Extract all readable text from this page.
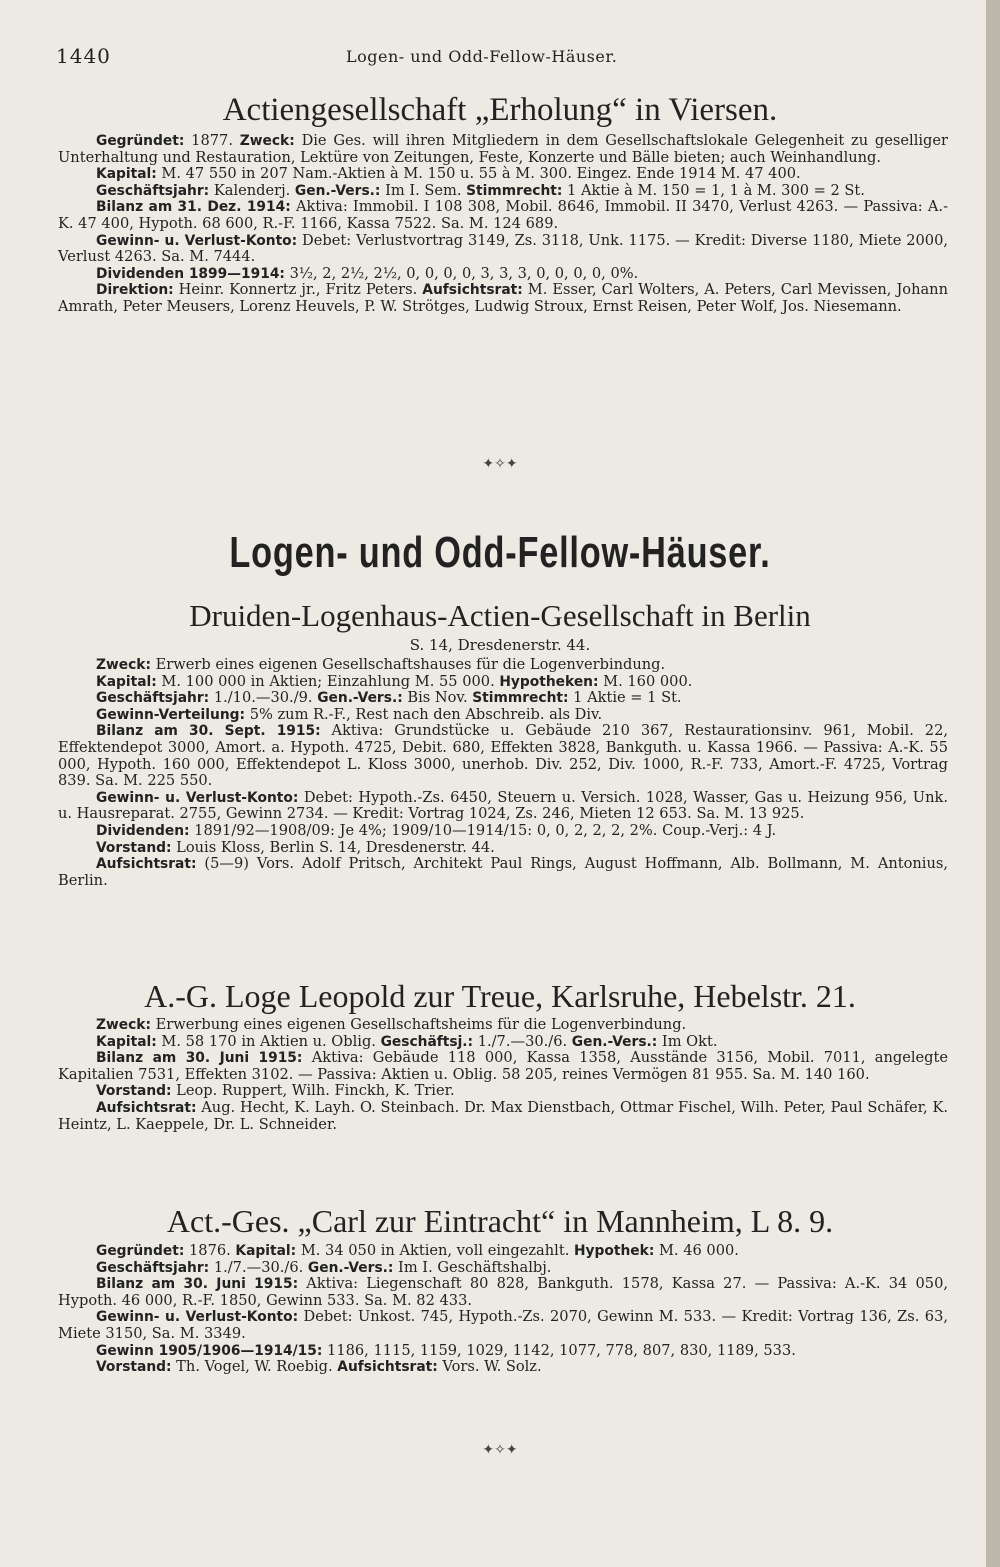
1440	Logen- und Odd-Fellow-Häuser.
Actiengesellschaft „Erholung“ in Viersen.

Gegründet: 1877. Zweck: Die Ges. will ihren Mitgliedern in dem Gesellschaftslokale Gelegenheit zu geselliger Unterhaltung und Restauration, Lektüre von Zeitungen, Feste, Konzerte und Bälle bieten; auch Weinhandlung.

Kapital: M. 47 550 in 207 Nam.-Aktien à M. 150 u. 55 à M. 300. Eingez. Ende 1914 M. 47 400.

Geschäftsjahr: Kalenderj. Gen.-Vers.: Im I. Sem. Stimmrecht: 1 Aktie à M. 150 = 1, 1 à M. 300 = 2 St.

Bilanz am 31. Dez. 1914: Aktiva: Immobil. I 108 308, Mobil. 8646, Immobil. II 3470, Verlust 4263. — Passiva: A.-K. 47 400, Hypoth. 68 600, R.-F. 1166, Kassa 7522. Sa. M. 124 689.

Gewinn- u. Verlust-Konto: Debet: Verlustvortrag 3149, Zs. 3118, Unk. 1175. — Kredit: Diverse 1180, Miete 2000, Verlust 4263. Sa. M. 7444.

Dividenden 1899—1914: 3½, 2, 2½, 2½, 0, 0, 0, 0, 3, 3, 3, 0, 0, 0, 0, 0%.

Direktion: Heinr. Konnertz jr., Fritz Peters. Aufsichtsrat: M. Esser, Carl Wolters, A. Peters, Carl Mevissen, Johann Amrath, Peter Meusers, Lorenz Heuvels, P. W. Strötges, Ludwig Stroux, Ernst Reisen, Peter Wolf, Jos. Niesemann.

✦✧✦
Logen- und Odd-Fellow-Häuser.
Druiden-Logenhaus-Actien-Gesellschaft in Berlin
S. 14, Dresdenerstr. 44.

Zweck: Erwerb eines eigenen Gesellschaftshauses für die Logenverbindung.

Kapital: M. 100 000 in Aktien; Einzahlung M. 55 000. Hypotheken: M. 160 000.

Geschäftsjahr: 1./10.—30./9. Gen.-Vers.: Bis Nov. Stimmrecht: 1 Aktie = 1 St.

Gewinn-Verteilung: 5% zum R.-F., Rest nach den Abschreib. als Div.

Bilanz am 30. Sept. 1915: Aktiva: Grundstücke u. Gebäude 210 367, Restaurationsinv. 961, Mobil. 22, Effektendepot 3000, Amort. a. Hypoth. 4725, Debit. 680, Effekten 3828, Bankguth. u. Kassa 1966. — Passiva: A.-K. 55 000, Hypoth. 160 000, Effektendepot L. Kloss 3000, unerhob. Div. 252, Div. 1000, R.-F. 733, Amort.-F. 4725, Vortrag 839. Sa. M. 225 550.

Gewinn- u. Verlust-Konto: Debet: Hypoth.-Zs. 6450, Steuern u. Versich. 1028, Wasser, Gas u. Heizung 956, Unk. u. Hausreparat. 2755, Gewinn 2734. — Kredit: Vortrag 1024, Zs. 246, Mieten 12 653. Sa. M. 13 925.

Dividenden: 1891/92—1908/09: Je 4%; 1909/10—1914/15: 0, 0, 2, 2, 2, 2%. Coup.-Verj.: 4 J.

Vorstand: Louis Kloss, Berlin S. 14, Dresdenerstr. 44.

Aufsichtsrat: (5—9) Vors. Adolf Pritsch, Architekt Paul Rings, August Hoffmann, Alb. Bollmann, M. Antonius, Berlin.

A.-G. Loge Leopold zur Treue, Karlsruhe, Hebelstr. 21.

Zweck: Erwerbung eines eigenen Gesellschaftsheims für die Logenverbindung.

Kapital: M. 58 170 in Aktien u. Oblig. Geschäftsj.: 1./7.—30./6. Gen.-Vers.: Im Okt.

Bilanz am 30. Juni 1915: Aktiva: Gebäude 118 000, Kassa 1358, Ausstände 3156, Mobil. 7011, angelegte Kapitalien 7531, Effekten 3102. — Passiva: Aktien u. Oblig. 58 205, reines Vermögen 81 955. Sa. M. 140 160.

Vorstand: Leop. Ruppert, Wilh. Finckh, K. Trier.

Aufsichtsrat: Aug. Hecht, K. Layh. O. Steinbach. Dr. Max Dienstbach, Ottmar Fischel, Wilh. Peter, Paul Schäfer, K. Heintz, L. Kaeppele, Dr. L. Schneider.

Act.-Ges. „Carl zur Eintracht“ in Mannheim, L 8. 9.

Gegründet: 1876. Kapital: M. 34 050 in Aktien, voll eingezahlt. Hypothek: M. 46 000.

Geschäftsjahr: 1./7.—30./6. Gen.-Vers.: Im I. Geschäftshalbj.

Bilanz am 30. Juni 1915: Aktiva: Liegenschaft 80 828, Bankguth. 1578, Kassa 27. — Passiva: A.-K. 34 050, Hypoth. 46 000, R.-F. 1850, Gewinn 533. Sa. M. 82 433.

Gewinn- u. Verlust-Konto: Debet: Unkost. 745, Hypoth.-Zs. 2070, Gewinn M. 533. — Kredit: Vortrag 136, Zs. 63, Miete 3150, Sa. M. 3349.

Gewinn 1905/1906—1914/15: 1186, 1115, 1159, 1029, 1142, 1077, 778, 807, 830, 1189, 533.

Vorstand: Th. Vogel, W. Roebig. Aufsichtsrat: Vors. W. Solz.

✦✧✦
